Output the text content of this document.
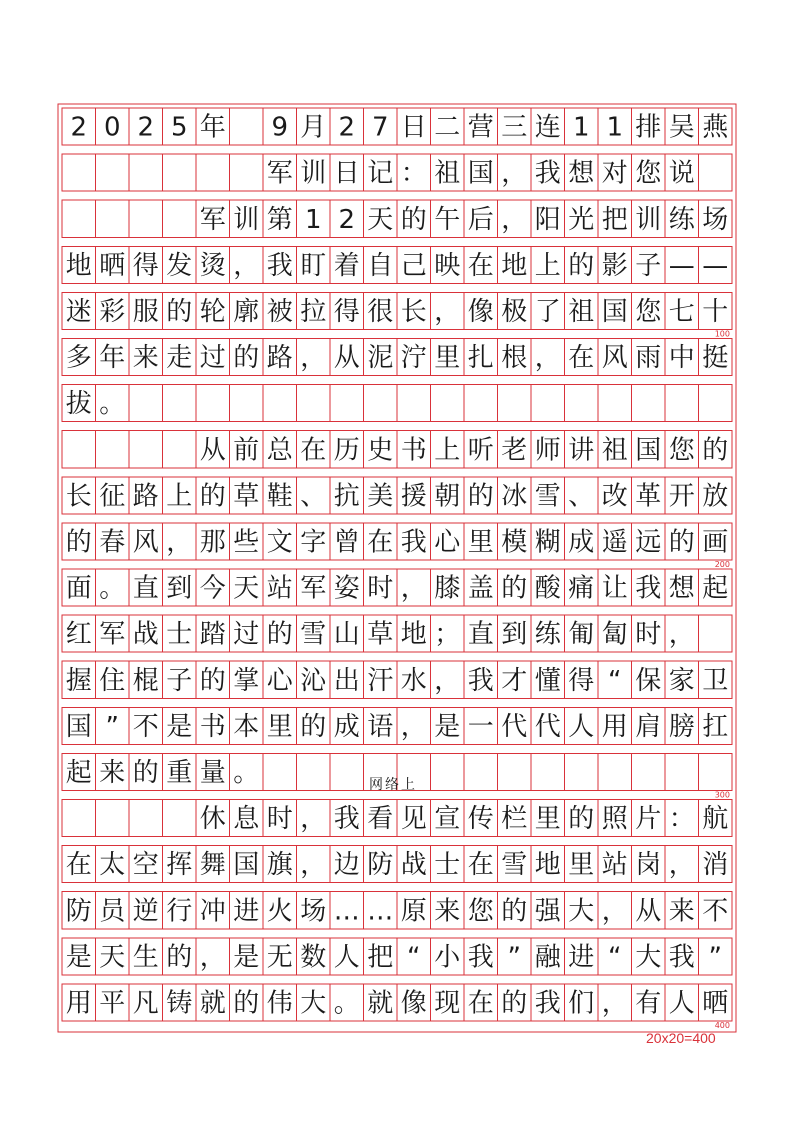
2 0 2 5 年 9 月 2 7 日 二 营 三 连 1 1 排 吴 燕
军 训 日 记 ： 祖 国 ， 我 想 对 您 说
军 训 第 1 2 天 的 午 后 ， 阳 光 把 训 练 场
地 晒 得 发 烫 ， 我 盯 着 自 己 映 在 地 上 的 影 子 — —
迷 彩 服 的 轮 廓 被 拉 得 很 长 ， 像 极 了 祖 国 您 七 十
100
多 年 来 走 过 的 路 ， 从 泥 泞 里 扎 根 ， 在 风 雨 中 挺
拔 。
从 前 总 在 历 史 书 上 听 老 师 讲 祖 国 您 的
长 征 路 上 的 草 鞋 、 抗 美 援 朝 的 冰 雪 、 改 革 开 放
的 春 风 ， 那 些 文 字 曾 在 我 心 里 模 糊 成 遥 远 的 画
200
面 。 直 到 今 天 站 军 姿 时 ， 膝 盖 的 酸 痛 让 我 想 起
红 军 战 士 踏 过 的 雪 山 草 地 ； 直 到 练 匍 匐 时 ，
握 住 棍 子 的 掌 心 沁 出 汗 水 ， 我 才 懂 得 “ 保 家 卫
国 ” 不 是 书 本 里 的 成 语 ， 是 一 代 代 人 用 肩 膀 扛
起 来 的 重 量 。
300
休 息 时 ， 我 看 见 宣 传 栏 里 的 照 片 ： 航
在 太 空 挥 舞 国 旗 ， 边 防 战 士 在 雪 地 里 站 岗 ， 消
防 员 逆 行 冲 进 火 场 … … 原 来 您 的 强 大 ， 从 来 不
是 天 生 的 ， 是 无 数 人 把 “ 小 我 ” 融 进 “ 大 我 ”
用 平 凡 铸 就 的 伟 大 。 就 像 现 在 的 我 们 ， 有 人 晒
400
网络上
20x20=400
